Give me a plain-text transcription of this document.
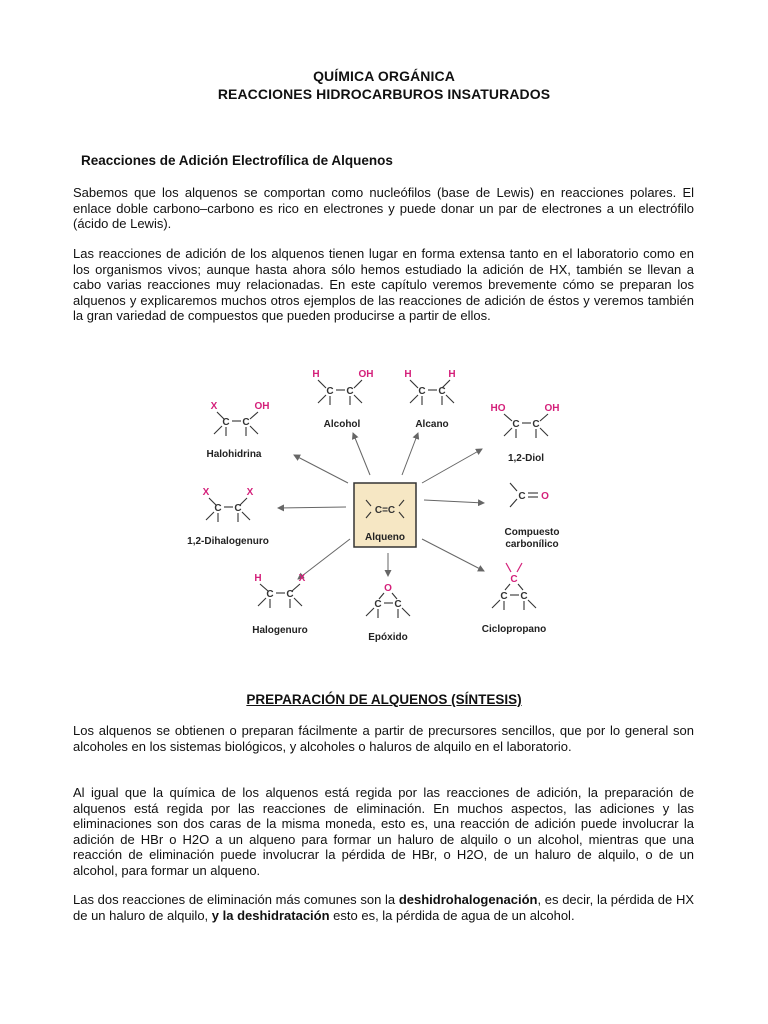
QUÍMICA ORGÁNICA
REACCIONES HIDROCARBUROS INSATURADOS
Reacciones de Adición Electrofílica de Alquenos

Sabemos que los alquenos se comportan como nucleófilos (base de Lewis) en reacciones polares. El enlace doble carbono–carbono es rico en electrones y puede donar un par de electrones a un electrófilo (ácido de Lewis).

Las reacciones de adición de los alquenos tienen lugar en forma extensa tanto en el laboratorio como en los organismos vivos; aunque hasta ahora sólo hemos estudiado la adición de HX, también se llevan a cabo varias reacciones muy relacionadas. En este capítulo veremos brevemente cómo se preparan los alquenos y explicaremos muchos otros ejemplos de las reacciones de adición de éstos y veremos también la gran variedad de compuestos que pueden producirse a partir de ellos.

C=C
Alqueno
H	OH
C C
Alcohol
H	H
C C
Alcano
X	OH
C C
Halohidrina
HO	OH
C C
1,2-Diol
X	X
C C
1,2-Dihalogenuro
C O
Compuesto
carbonílico
H	X
C C
Halogenuro
O
C C
Epóxido
C
C C
Ciclopropano
PREPARACIÓN DE ALQUENOS (SÍNTESIS)

Los alquenos se obtienen o preparan fácilmente a partir de precursores sencillos, que por lo general son alcoholes en los sistemas biológicos, y alcoholes o haluros de alquilo en el laboratorio.

Al igual que la química de los alquenos está regida por las reacciones de adición, la preparación de alquenos está regida por las reacciones de eliminación. En muchos aspectos, las adiciones y las eliminaciones son dos caras de la misma moneda, esto es, una reacción de adición puede involucrar la adición de HBr o H2O a un alqueno para formar un haluro de alquilo o un alcohol, mientras que una reacción de eliminación puede involucrar la pérdida de HBr, o H2O, de un haluro de alquilo, o de un alcohol, para formar un alqueno.

Las dos reacciones de eliminación más comunes son la deshidrohalogenación, es decir, la pérdida de HX de un haluro de alquilo, y la deshidratación esto es, la pérdida de agua de un alcohol.
